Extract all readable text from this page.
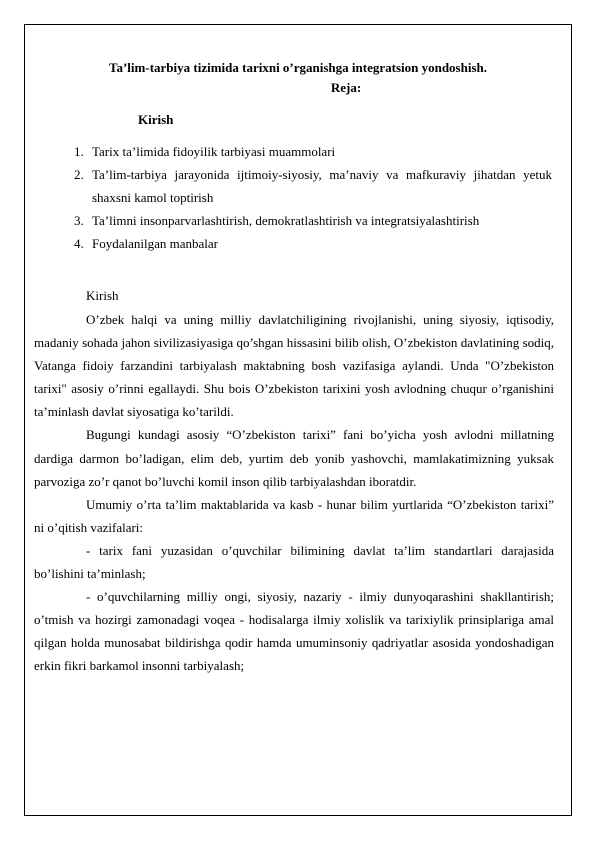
Ta’lim-tarbiya tizimida tarixni o’rganishga integratsion yondoshish.
Reja:
Kirish
1. Tarix ta’limida fidoyilik tarbiyasi muammolari
2. Ta’lim-tarbiya jarayonida ijtimoiy-siyosiy, ma’naviy va mafkuraviy jihatdan yetuk shaxsni kamol toptirish
3. Ta’limni insonparvarlashtirish, demokratlashtirish va integratsiyalashtirish
4. Foydalanilgan manbalar
Kirish

O’zbek halqi va uning milliy davlatchiligining rivojlanishi, uning siyosiy, iqtisodiy, madaniy sohada jahon sivilizasiyasiga qo’shgan hissasini bilib olish, O’zbekiston davlatining sodiq, Vatanga fidoiy farzandini tarbiyalash maktabning bosh vazifasiga aylandi. Unda "O’zbekiston tarixi" asosiy o’rinni egallaydi. Shu bois O’zbekiston tarixini yosh avlodning chuqur o’rganishini ta’minlash davlat siyosatiga ko’tarildi.

Bugungi kundagi asosiy “O’zbekiston tarixi” fani bo’yicha yosh avlodni millatning dardiga darmon bo’ladigan, elim deb, yurtim deb yonib yashovchi, mamlakatimizning yuksak parvoziga zo’r qanot bo’luvchi komil inson qilib tarbiyalashdan iboratdir.

Umumiy o’rta ta’lim maktablarida va kasb - hunar bilim yurtlarida “O’zbekiston tarixi” ni o’qitish vazifalari:

- tarix fani yuzasidan o’quvchilar bilimining davlat ta’lim standartlari darajasida bo’lishini ta’minlash;

- o’quvchilarning milliy ongi, siyosiy, nazariy - ilmiy dunyoqarashini shakllantirish; o’tmish va hozirgi zamonadagi voqea - hodisalarga ilmiy xolislik va tarixiylik prinsiplariga amal qilgan holda munosabat bildirishga qodir hamda umuminsoniy qadriyatlar asosida yondoshadigan erkin fikri barkamol insonni tarbiyalash;
